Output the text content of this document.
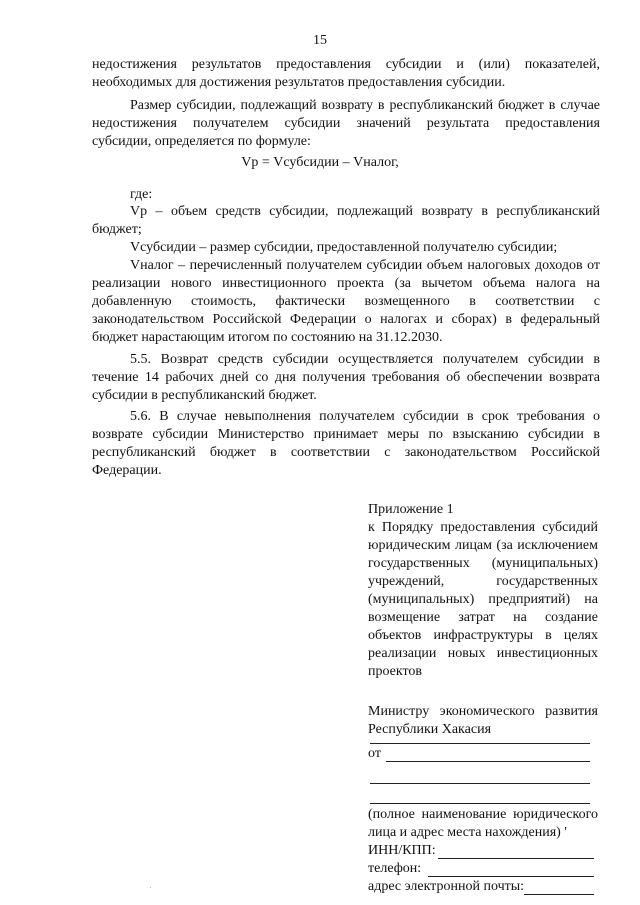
15
недостижения результатов предоставления субсидии и (или) показателей,
необходимых для достижения результатов предоставления субсидии.
Размер субсидии, подлежащий возврату в республиканский бюджет в случае
недостижения получателем субсидии значений результата предоставления
субсидии, определяется по формуле:
Vр = Vсубсидии – Vналог,
где:
Vр – объем средств субсидии, подлежащий возврату в республиканский
бюджет;
Vсубсидии – размер субсидии, предоставленной получателю субсидии;
Vналог – перечисленный получателем субсидии объем налоговых доходов от
реализации нового инвестиционного проекта (за вычетом объема налога на
добавленную стоимость, фактически возмещенного в соответствии с
законодательством Российской Федерации о налогах и сборах) в федеральный
бюджет нарастающим итогом по состоянию на 31.12.2030.
5.5. Возврат средств субсидии осуществляется получателем субсидии в
течение 14 рабочих дней со дня получения требования об обеспечении возврата
субсидии в республиканский бюджет.
5.6. В случае невыполнения получателем субсидии в срок требования о
возврате субсидии Министерство принимает меры по взысканию субсидии в
республиканский бюджет в соответствии с законодательством Российской
Федерации.
Приложение 1
к Порядку предоставления субсидий
юридическим лицам (за исключением
государственных (муниципальных)
учреждений, государственных
(муниципальных) предприятий) на
возмещение затрат на создание
объектов инфраструктуры в целях
реализации новых инвестиционных
проектов
Министру экономического развития
Республики Хакасия
от
(полное наименование юридического
лица и адрес места нахождения) '
ИНН/КПП:
телефон:
адрес электронной почты:
